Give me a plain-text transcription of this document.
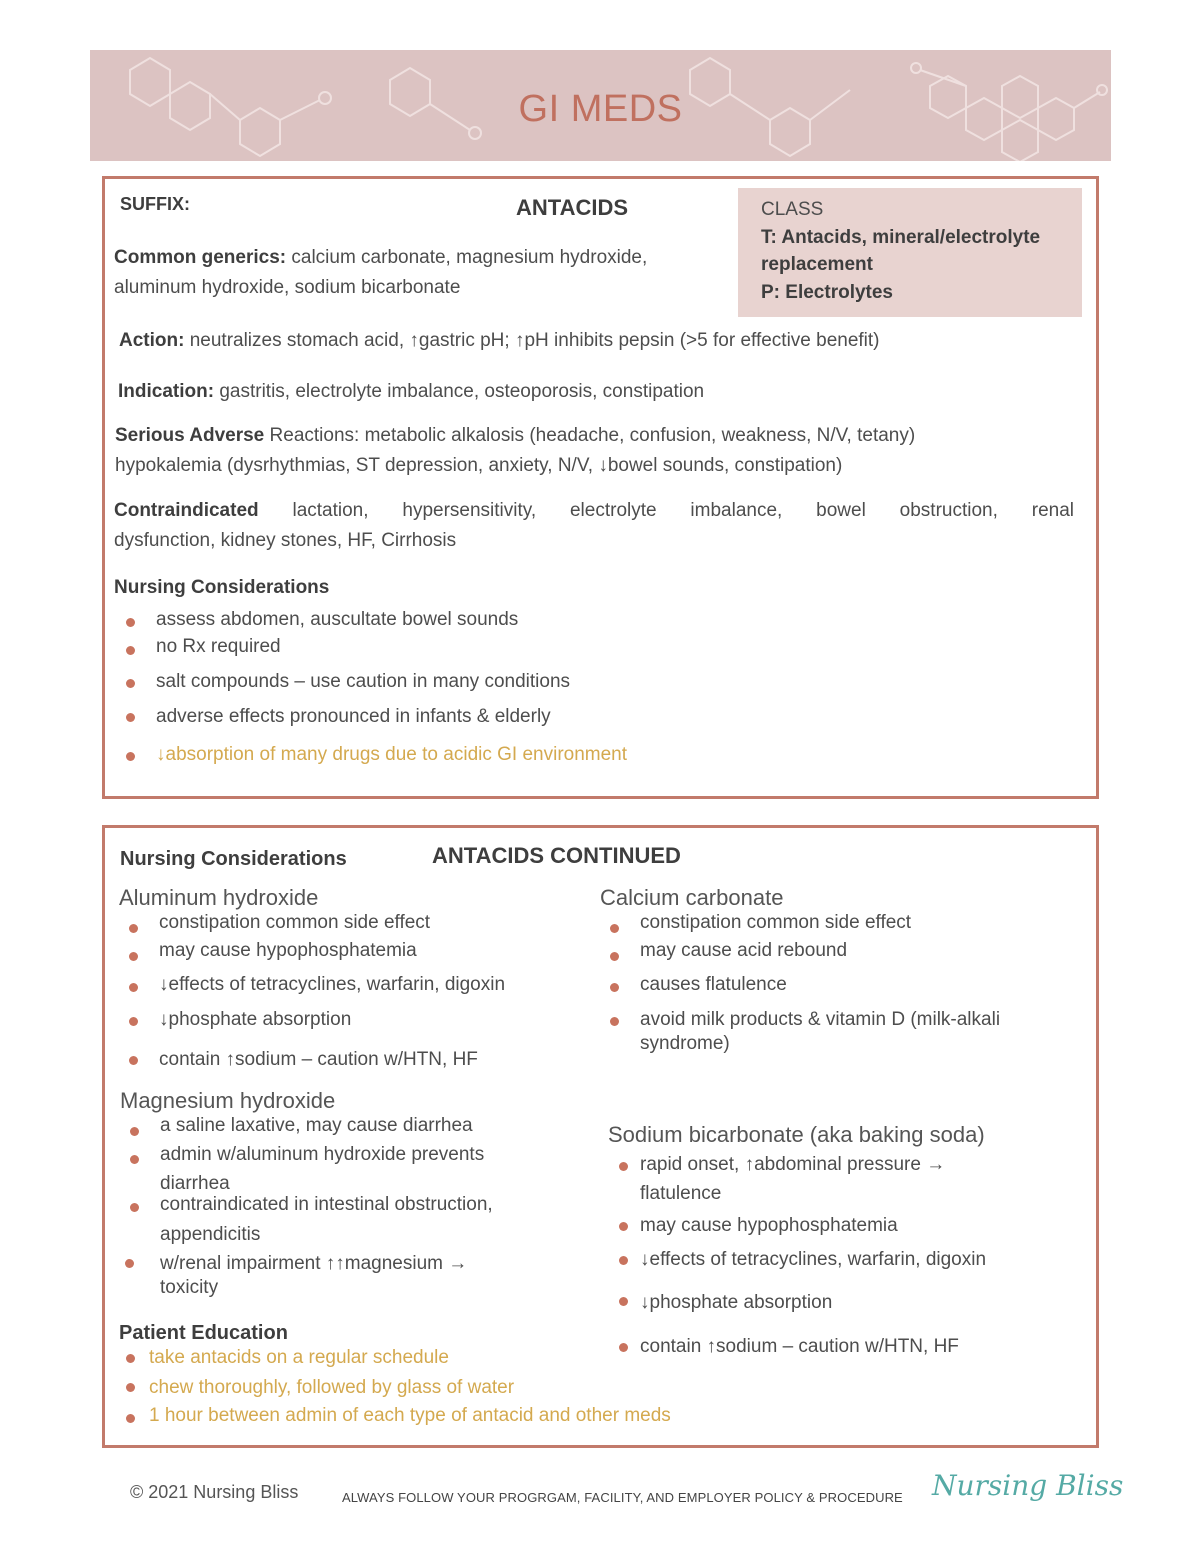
GI MEDS
SUFFIX:	ANTACIDS	CLASS
T: Antacids, mineral/electrolyte
replacement
P: Electrolytes
Common generics: calcium carbonate, magnesium hydroxide,
aluminum hydroxide, sodium bicarbonate
Action: neutralizes stomach acid, ↑gastric pH; ↑pH inhibits pepsin (>5 for effective benefit)
Indication: gastritis, electrolyte imbalance, osteoporosis, constipation
Serious Adverse Reactions: metabolic alkalosis (headache, confusion, weakness, N/V, tetany)
hypokalemia (dysrhythmias, ST depression, anxiety, N/V, ↓bowel sounds, constipation)
Contraindicated lactation, hypersensitivity, electrolyte imbalance, bowel obstruction, renal
dysfunction, kidney stones, HF, Cirrhosis
Nursing Considerations
assess abdomen, auscultate bowel sounds
no Rx required
salt compounds – use caution in many conditions
adverse effects pronounced in infants & elderly
↓absorption of many drugs due to acidic GI environment
Nursing Considerations	ANTACIDS CONTINUED
Aluminum hydroxide
constipation common side effect
may cause hypophosphatemia
↓effects of tetracyclines, warfarin, digoxin
↓phosphate absorption
contain ↑sodium – caution w/HTN, HF
Calcium carbonate
constipation common side effect
may cause acid rebound
causes flatulence
avoid milk products & vitamin D (milk-alkali
syndrome)
Magnesium hydroxide
a saline laxative, may cause diarrhea
admin w/aluminum hydroxide prevents
diarrhea
contraindicated in intestinal obstruction,
appendicitis
w/renal impairment ↑↑magnesium →
toxicity
Sodium bicarbonate (aka baking soda)
rapid onset, ↑abdominal pressure →
flatulence
may cause hypophosphatemia
↓effects of tetracyclines, warfarin, digoxin
↓phosphate absorption
contain ↑sodium – caution w/HTN, HF
Patient Education
take antacids on a regular schedule
chew thoroughly, followed by glass of water
1 hour between admin of each type of antacid and other meds
© 2021 Nursing Bliss	ALWAYS FOLLOW YOUR PROGRGAM, FACILITY, AND EMPLOYER POLICY & PROCEDURE Nursing Bliss
